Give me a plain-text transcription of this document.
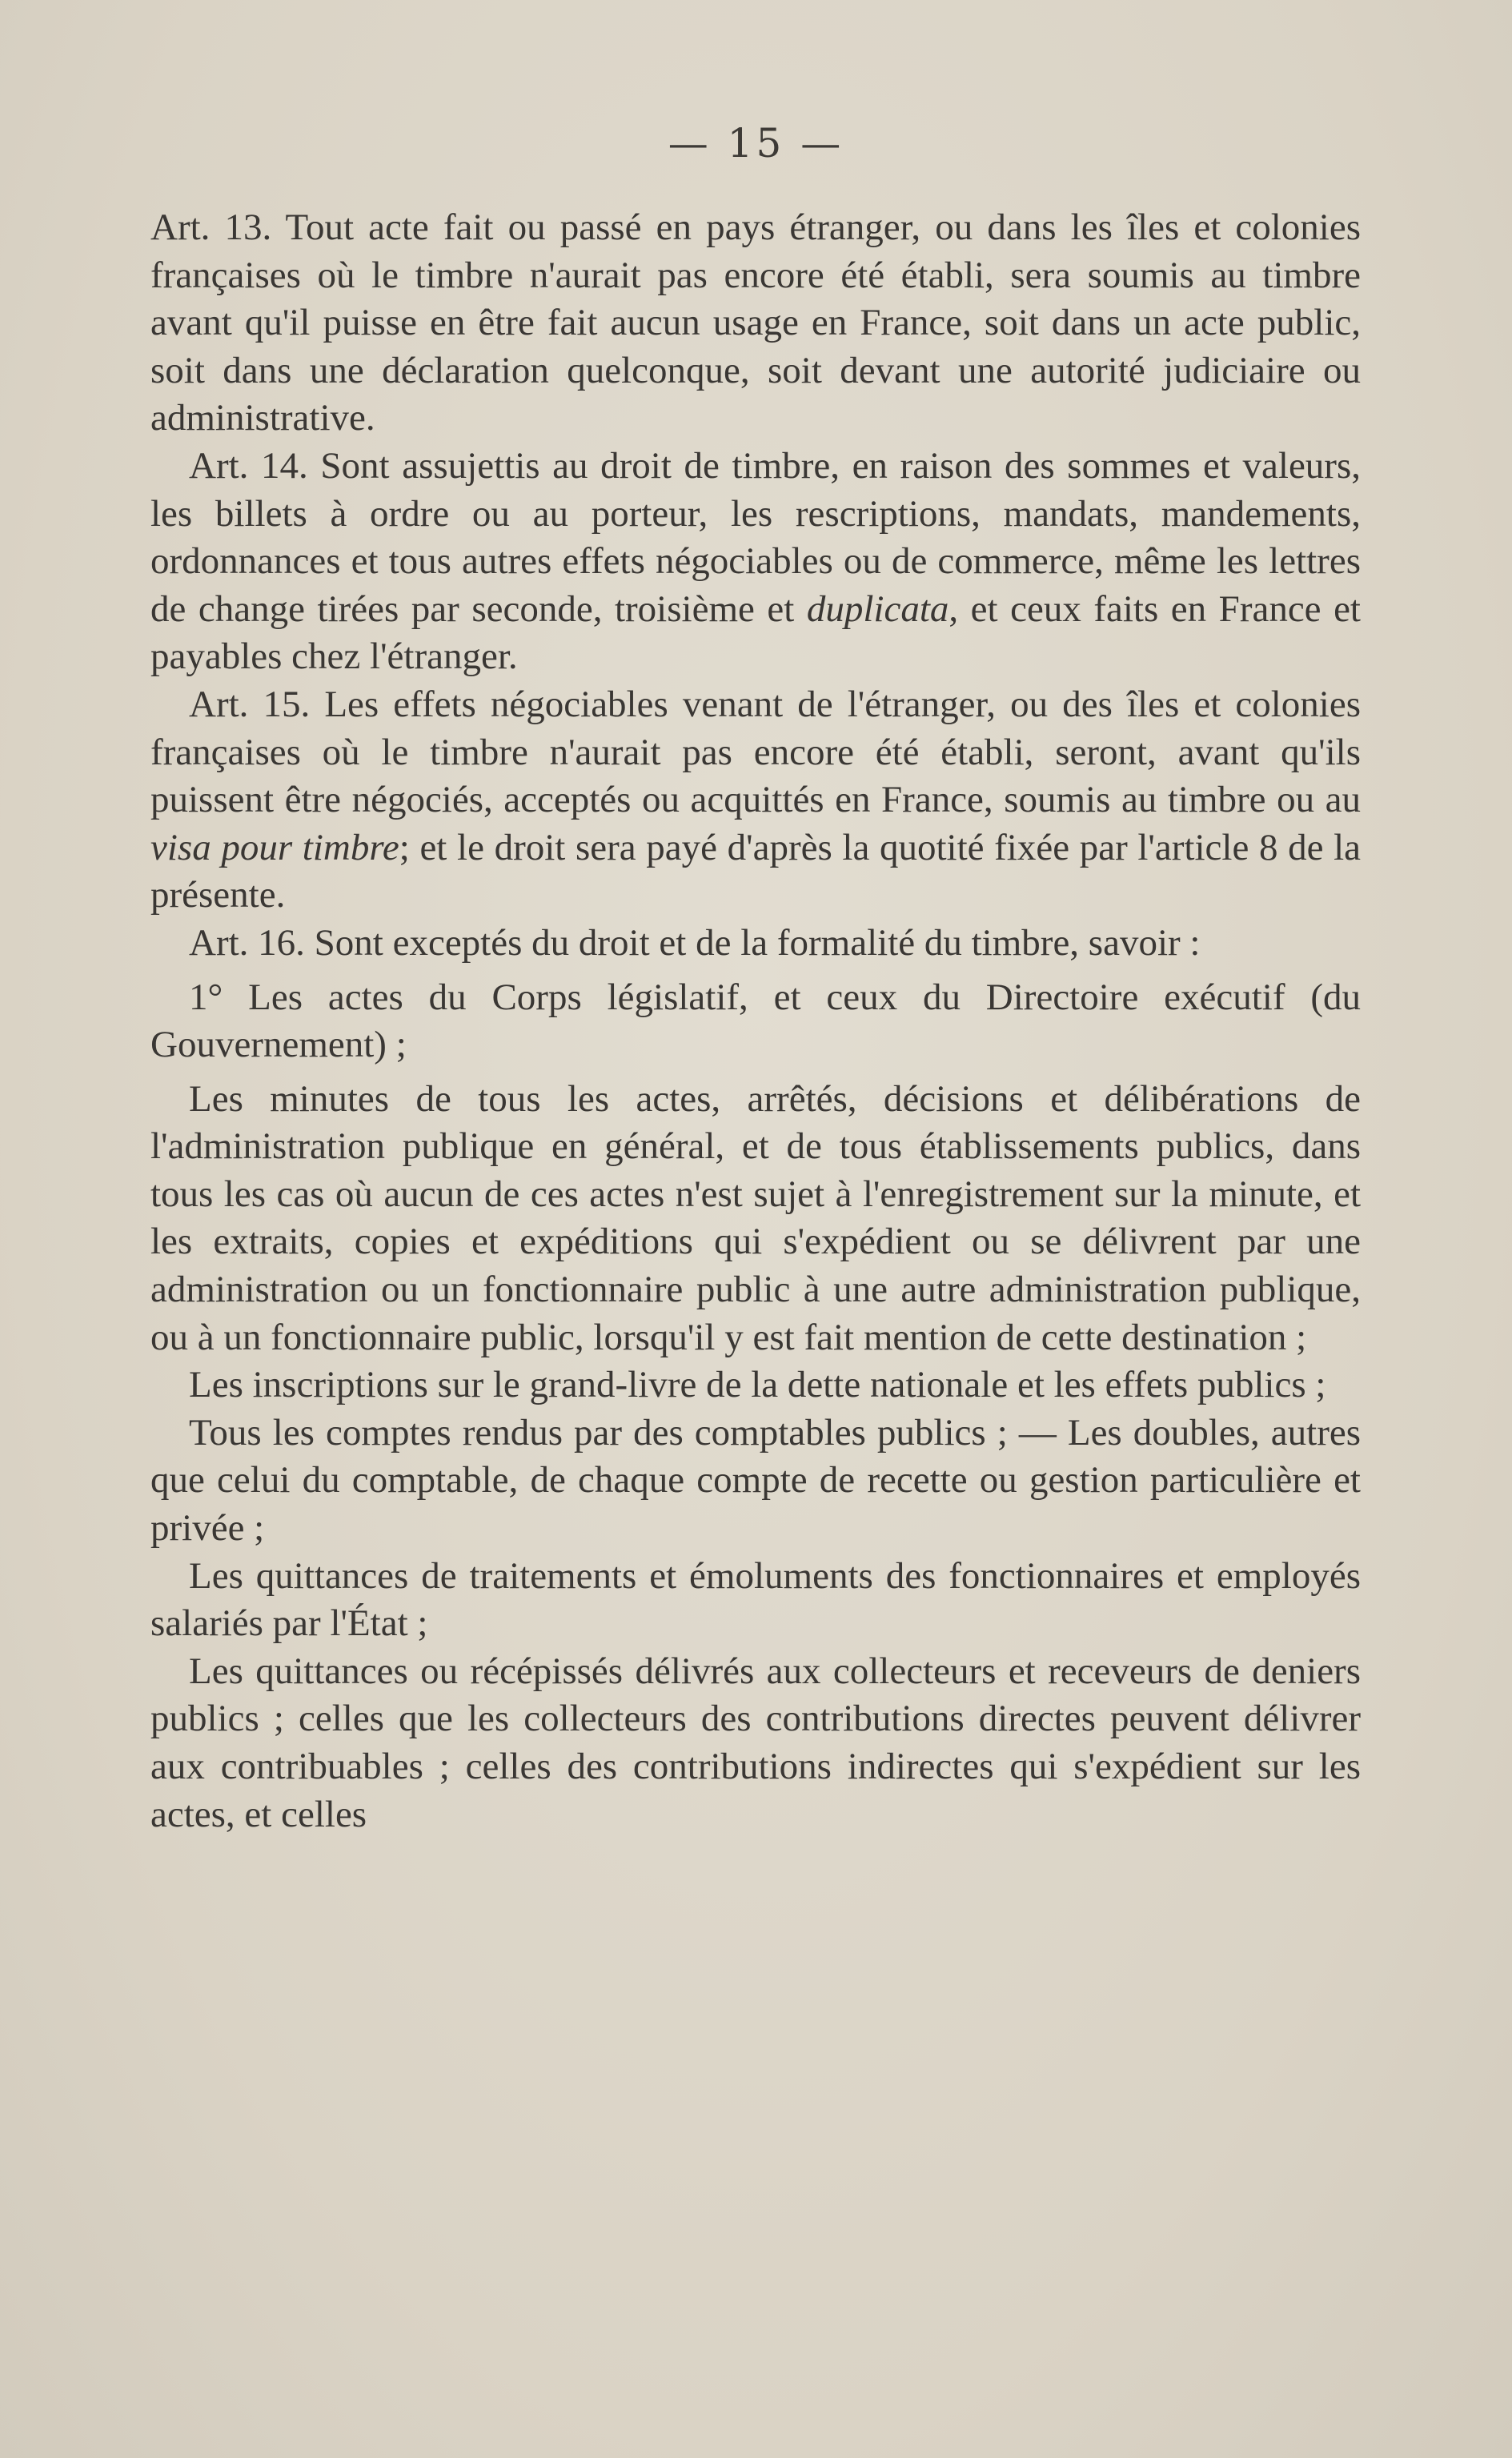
— 15 —

Art. 13. Tout acte fait ou passé en pays étranger, ou dans les îles et colonies françaises où le timbre n'aurait pas encore été établi, sera soumis au timbre avant qu'il puisse en être fait aucun usage en France, soit dans un acte public, soit dans une déclaration quelconque, soit devant une autorité judiciaire ou administrative.

Art. 14. Sont assujettis au droit de timbre, en raison des sommes et valeurs, les billets à ordre ou au porteur, les rescriptions, mandats, mandements, ordonnances et tous autres effets négociables ou de commerce, même les lettres de change tirées par seconde, troisième et duplicata, et ceux faits en France et payables chez l'étranger.

Art. 15. Les effets négociables venant de l'étranger, ou des îles et colonies françaises où le timbre n'aurait pas encore été établi, seront, avant qu'ils puissent être négociés, acceptés ou acquittés en France, soumis au timbre ou au visa pour timbre; et le droit sera payé d'après la quotité fixée par l'article 8 de la présente.

Art. 16. Sont exceptés du droit et de la formalité du timbre, savoir :

1° Les actes du Corps législatif, et ceux du Directoire exécutif (du Gouvernement) ;

Les minutes de tous les actes, arrêtés, décisions et délibérations de l'administration publique en général, et de tous établissements publics, dans tous les cas où aucun de ces actes n'est sujet à l'enregistrement sur la minute, et les extraits, copies et expéditions qui s'expédient ou se délivrent par une administration ou un fonctionnaire public à une autre administration publique, ou à un fonctionnaire public, lorsqu'il y est fait mention de cette destination ;

Les inscriptions sur le grand-livre de la dette nationale et les effets publics ;

Tous les comptes rendus par des comptables publics ; — Les doubles, autres que celui du comptable, de chaque compte de recette ou gestion particulière et privée ;

Les quittances de traitements et émoluments des fonctionnaires et employés salariés par l'État ;

Les quittances ou récépissés délivrés aux collecteurs et receveurs de deniers publics ; celles que les collecteurs des contributions directes peuvent délivrer aux contribuables ; celles des contributions indirectes qui s'expédient sur les actes, et celles
